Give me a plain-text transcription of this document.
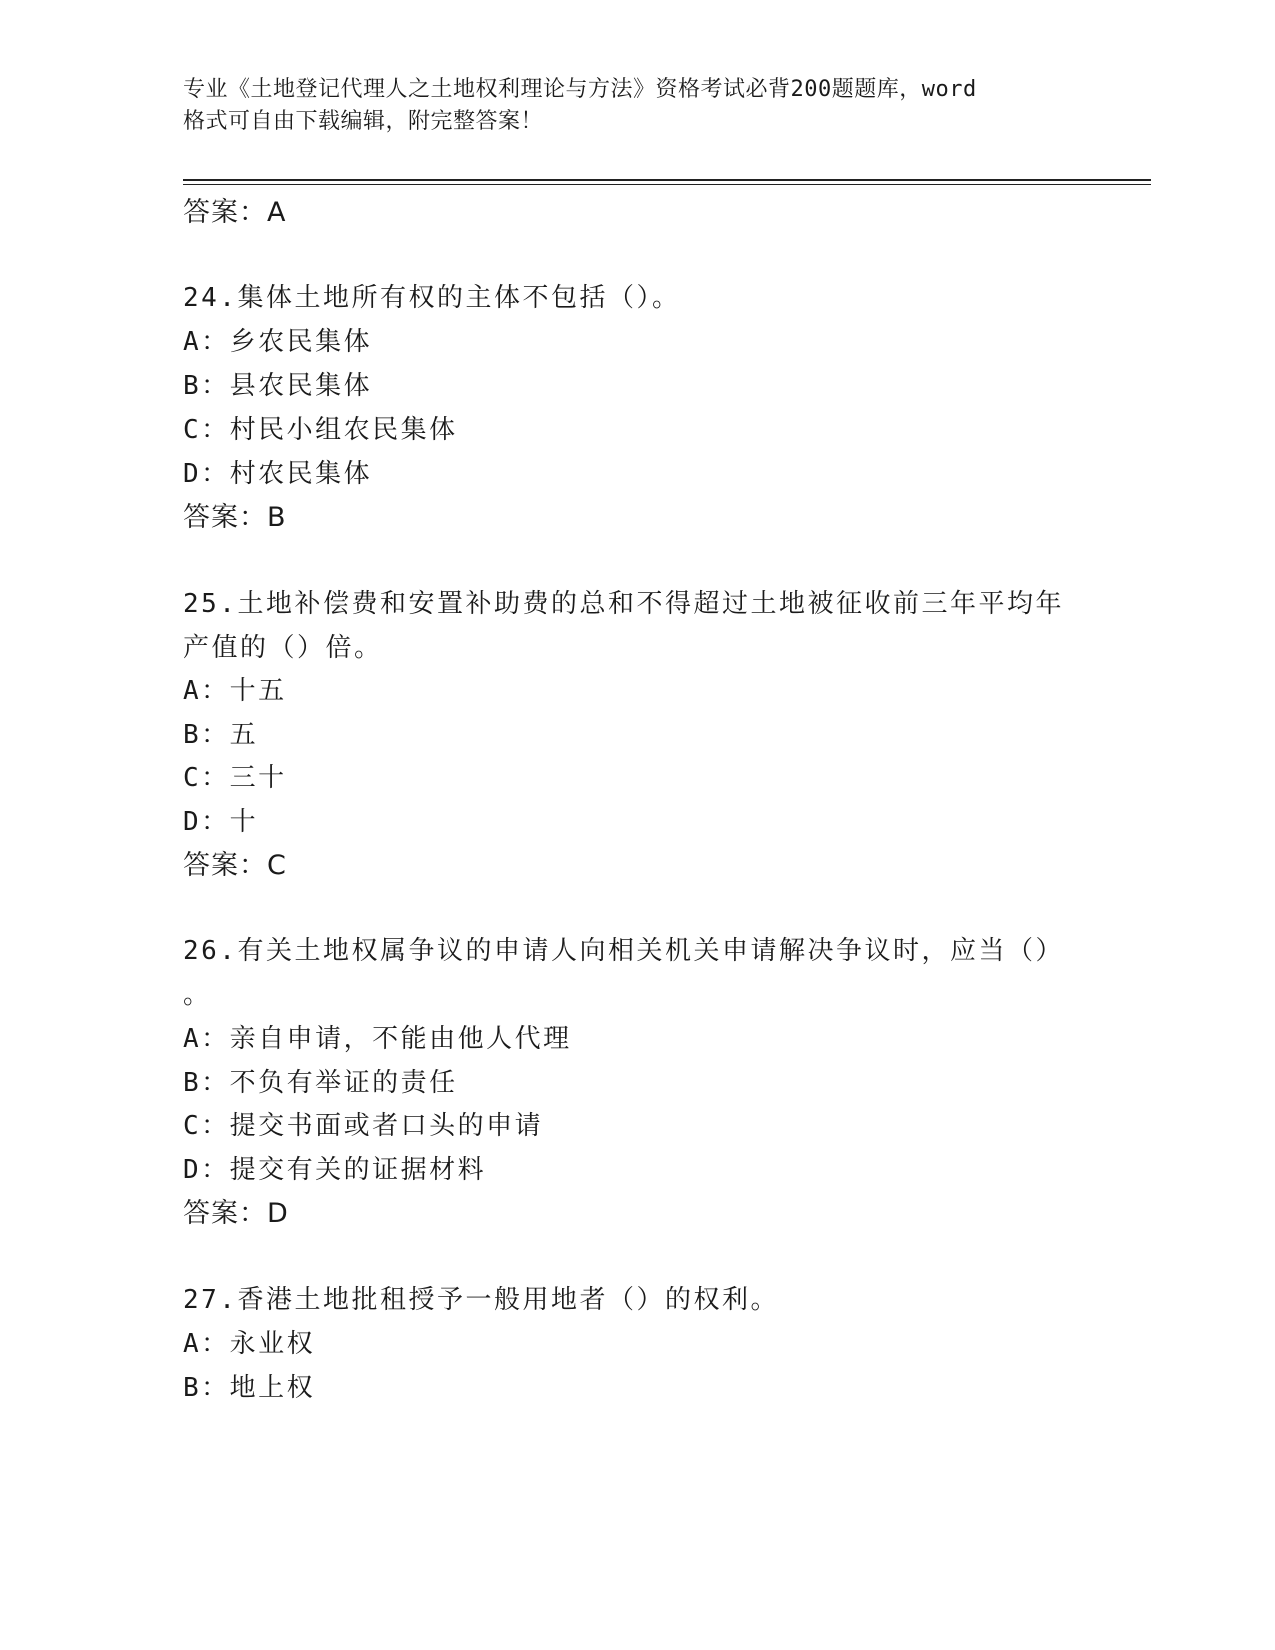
专业《土地登记代理人之土地权利理论与方法》资格考试必背200题题库，word
格式可自由下载编辑，附完整答案！
答案：A
24.集体土地所有权的主体不包括（）。
A：乡农民集体
B：县农民集体
C：村民小组农民集体
D：村农民集体
答案：B
25.土地补偿费和安置补助费的总和不得超过土地被征收前三年平均年
产值的（）倍。
A：十五
B：五
C：三十
D：十
答案：C
26.有关土地权属争议的申请人向相关机关申请解决争议时，应当（）
。
A：亲自申请，不能由他人代理
B：不负有举证的责任
C：提交书面或者口头的申请
D：提交有关的证据材料
答案：D
27.香港土地批租授予一般用地者（）的权利。
A：永业权
B：地上权
